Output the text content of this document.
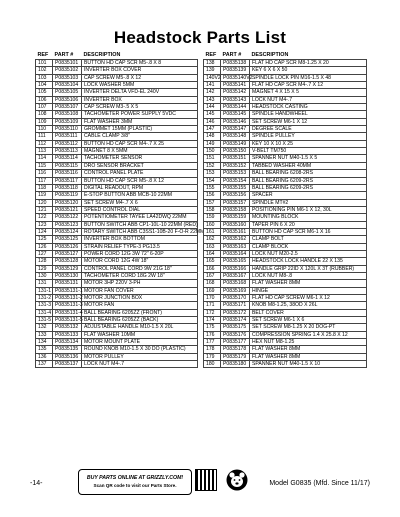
Headstock Parts List
REF	PART #	DESCRIPTION
101	P0835101	BUTTON HD CAP SCR M5-.8 X 8
102	P0835102	INVERTER BOX COVER
103	P0835103	CAP SCREW M5-.8 X 12
104	P0835104	LOCK WASHER 5MM
105	P0835105	INVERTER DELTA VFD-EL 240V
106	P0835106	INVERTER BOX
107	P0835107	CAP SCREW M3-.5 X 5
108	P0835108	TACHOMETER POWER SUPPLY 5VDC
109	P0835109	FLAT WASHER 3MM
110	P0835110	GROMMET 15MM (PLASTIC)
111	P0835111	CABLE CLAMP 3/8"
112	P0835112	BUTTON HD CAP SCR M4-.7 X 25
113	P0835113	MAGNET 8 X 5MM
114	P0835114	TACHOMETER SENSOR
115	P0835115	DRO SENSOR BRACKET
116	P0835116	CONTROL PANEL PLATE
117	P0835117	BUTTON HD CAP SCR M5-.8 X 12
118	P0835118	DIGITAL READOUT, RPM
119	P0835119	E-STOP BUTTON ABB MCB-10 22MM
120	P0835120	SET SCREW M4-.7 X 6
121	P0835121	SPEED CONTROL DIAL
122	P0835122	POTENTIOMETER TAYEE LA42DWQ 22MM
123	P0835123	BUTTON SWITCH ABB CP1-10L-10 22MM (RED)
124	P0835124	ROTARY SWITCH ABB C3SS1-10B-20 F-O-R 22MM
125	P0835125	INVERTER BOX BOTTOM
126	P0835126	STRAIN RELIEF TYPE-3 PG13.5
127	P0835127	POWER CORD 12G 3W 72" 6-20P
128	P0835128	MOTOR CORD 12G 4W 18"
129	P0835129	CONTROL PANEL CORD 9W 21G 18"
130	P0835130	TACHOMETER CORD 18G 2W 18"
131	P0835131	MOTOR 3HP 220V 3-PH
131-1	P0835131-1	MOTOR FAN COVER
131-2	P0835131-2	MOTOR JUNCTION BOX
131-3	P0835131-3	MOTOR FAN
131-4	P0835131-4	BALL BEARING 6205ZZ (FRONT)
131-5	P0835131-5	BALL BEARING 6205ZZ (BACK)
132	P0835132	ADJUSTABLE HANDLE M10-1.5 X 20L
133	P0835133	FLAT WASHER 10MM
134	P0835134	MOTOR MOUNT PLATE
135	P0835135	ROUND KNOB M10-1.5 X 30 DO (PLASTIC)
136	P0835136	MOTOR PULLEY
137	P0835137	LOCK NUT M4-.7
REF	PART #	DESCRIPTION
138	P0835138	FLAT HD CAP SCR M8-1.25 X 20
139	P0835139	KEY 6 X 6 X 50
140V2	P0835140V2	SPINDLE LOCK PIN M16-1.5 X 48
141	P0835141	FLAT HD CAP SCR M4-.7 X 12
142	P0835142	MAGNET 4 X 15 X 5
143	P0835143	LOCK NUT M4-.7
144	P0835144	HEADSTOCK CASTING
145	P0835145	SPINDLE HANDWHEEL
146	P0835146	SET SCREW M6-1 X 12
147	P0835147	DEGREE SCALE
148	P0835148	SPINDLE PULLEY
149	P0835149	KEY 10 X 10 X 25
150	P0835150	V-BELT TM750
151	P0835151	SPANNER NUT M40-1.5 X 5
152	P0835152	TABBED WASHER 40MM
153	P0835153	BALL BEARING 6208-2RS
154	P0835154	BALL BEARING 6209-2RS
155	P0835155	BALL BEARING 6209-2RS
156	P0835156	SPACER
157	P0835157	SPINDLE MT#2
158	P0835158	POSITIONING PIN M6-1 X 12, 30L
159	P0835159	MOUNTING BLOCK
160	P0835160	TAPER PIN 6 X 20
161	P0835161	BUTTON HD CAP SCR M6-1 X 16
162	P0835162	CLAMP BOLT
163	P0835163	CLAMP BLOCK
164	P0835164	LOCK NUT M20-2.5
165	P0835165	HEADSTOCK LOCK HANDLE 22 X 135
166	P0835166	HANDLE GRIP 22ID X 120L X 3T (RUBBER)
167	P0835167	LOCK NUT M8-.8
168	P0835168	FLAT WASHER 8MM
169	P0835169	HINGE
170	P0835170	FLAT HD CAP SCREW M6-1 X 12
171	P0835171	KNOB M8-1.25, 38OD X 26L
172	P0835172	BELT COVER
174	P0835174	SET SCREW M6-1 X 6
175	P0835175	SET SCREW M8-1.25 X 20 DOG-PT
176	P0835176	COMPRESSION SPRING 1.4 X 25.8 X 12
177	P0835177	HEX NUT M8-1.25
178	P0835178	FLAT WASHER 8MM
179	P0835179	FLAT WASHER 8MM
180	P0835180	SPANNER NUT M40-1.5 X 10
-14-
BUY PARTS ONLINE AT GRIZZLY.COM!
Scan QR code to visit our Parts Store.	Model G0835 (Mfd. Since 11/17)
